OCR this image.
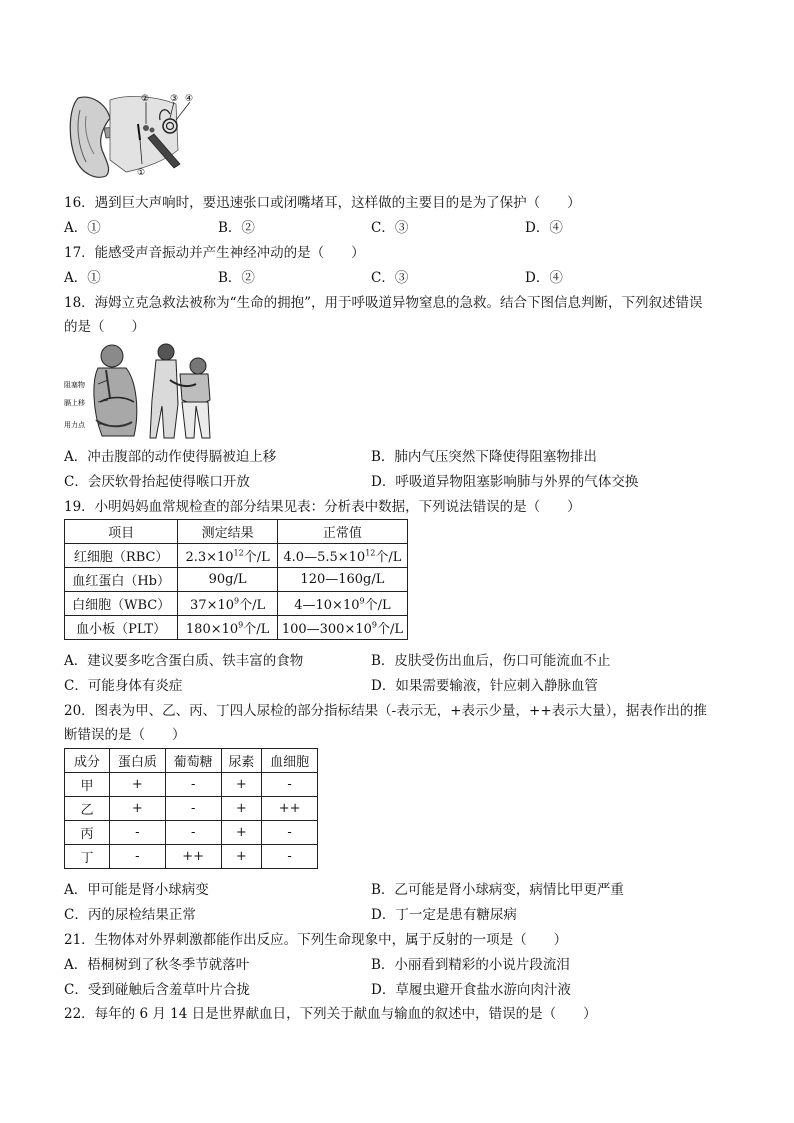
② ③ ④
①
16．遇到巨大声响时，要迅速张口或闭嘴堵耳，这样做的主要目的是为了保护（　　）
A．①	B．②	C．③	D．④
17．能感受声音振动并产生神经冲动的是（　　）
A．①	B．②	C．③	D．④
18．海姆立克急救法被称为“生命的拥抱”，用于呼吸道异物窒息的急救。结合下图信息判断，下列叙述错误
的是（　　）
阻塞物
膈上移
用力点
A．冲击腹部的动作使得膈被迫上移	B．肺内气压突然下降使得阻塞物排出
C．会厌软骨抬起使得喉口开放	D．呼吸道异物阻塞影响肺与外界的气体交换
19．小明妈妈血常规检查的部分结果见表：分析表中数据，下列说法错误的是（　　）
项目	测定结果	正常值
红细胞（RBC）	$2.3\times 10^{12}$个/L	$4.0—5.5\times 10^{12}$个/L
血红蛋白（Hb）	90g/L	120—160g/L
白细胞（WBC）	$37\times 10^9$个/L	$4—10\times 10^9$个/L
血小板（PLT）	$180\times 10^9$个/L	$100—300\times 10^9$个/L
A．建议要多吃含蛋白质、铁丰富的食物	B．皮肤受伤出血后，伤口可能流血不止
C．可能身体有炎症	D．如果需要输液，针应刺入静脉血管
20．图表为甲、乙、丙、丁四人尿检的部分指标结果（-表示无，+表示少量，++表示大量），据表作出的推
断错误的是（　　）
成分	蛋白质	葡萄糖	尿素	血细胞
甲	+	-	+	-
乙	+	-	+	++
丙	-	-	+	-
丁	-	++	+	-
A．甲可能是肾小球病变	B．乙可能是肾小球病变，病情比甲更严重
C．丙的尿检结果正常	D．丁一定是患有糖尿病
21．生物体对外界刺激都能作出反应。下列生命现象中，属于反射的一项是（　　）
A．梧桐树到了秋冬季节就落叶	B．小丽看到精彩的小说片段流泪
C．受到碰触后含羞草叶片合拢	D．草履虫避开食盐水游向肉汁液
22．每年的 6 月 14 日是世界献血日，下列关于献血与输血的叙述中，错误的是（　　）
